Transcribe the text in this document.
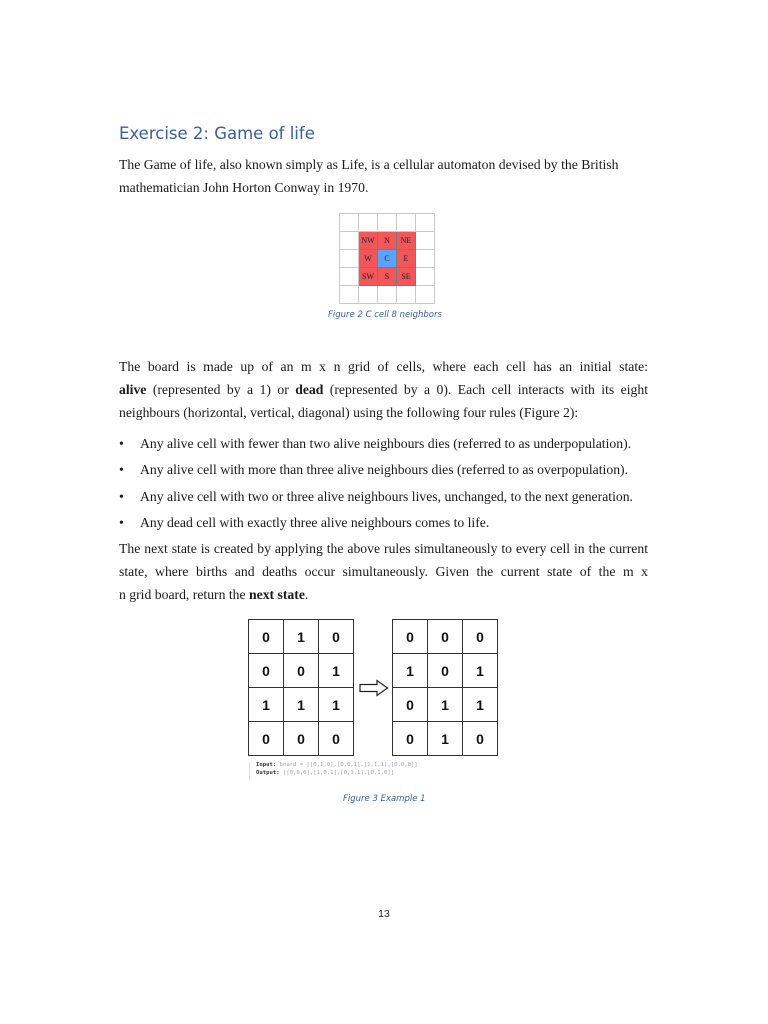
Exercise 2: Game of life

The Game of life, also known simply as Life, is a cellular automaton devised by the British
mathematician John Horton Conway in 1970.

	NW	N	NE	
	W	C	E	
	SW	S	SE	

Figure 2 C cell 8 neighbors

The board is made up of an m x n grid of cells, where each cell has an initial state:
alive (represented by a 1) or dead (represented by a 0). Each cell interacts with its eight
neighbours (horizontal, vertical, diagonal) using the following four rules (Figure 2):

• Any alive cell with fewer than two alive neighbours dies (referred to as underpopulation).
• Any alive cell with more than three alive neighbours dies (referred to as overpopulation).
• Any alive cell with two or three alive neighbours lives, unchanged, to the next generation.
• Any dead cell with exactly three alive neighbours comes to life.

The next state is created by applying the above rules simultaneously to every cell in the current
state, where births and deaths occur simultaneously. Given the current state of the m x
n grid board, return the next state.

0	1	0
0	0	1
1	1	1
0	0	0
0	0	0
1	0	1
0	1	1
0	1	0
Input: board = [[0,1,0],[0,0,1],[1,1,1],[0,0,0]]
Output: [[0,0,0],[1,0,1],[0,1,1],[0,1,0]]
Figure 3 Example 1
13
